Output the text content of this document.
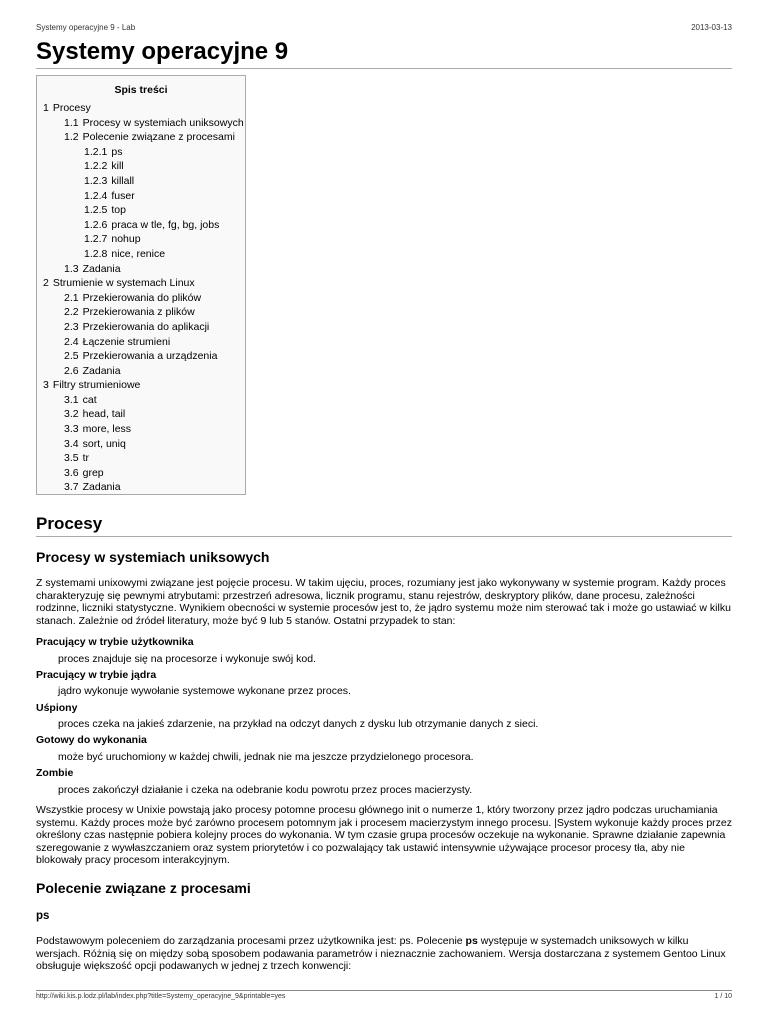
Systemy operacyjne 9 - Lab	2013-03-13
Systemy operacyjne 9
Spis treści
1 Procesy
1.1 Procesy w systemiach uniksowych
1.2 Polecenie związane z procesami
1.2.1 ps
1.2.2 kill
1.2.3 killall
1.2.4 fuser
1.2.5 top
1.2.6 praca w tle, fg, bg, jobs
1.2.7 nohup
1.2.8 nice, renice
1.3 Zadania
2 Strumienie w systemach Linux
2.1 Przekierowania do plików
2.2 Przekierowania z plików
2.3 Przekierowania do aplikacji
2.4 Łączenie strumieni
2.5 Przekierowania a urządzenia
2.6 Zadania
3 Filtry strumieniowe
3.1 cat
3.2 head, tail
3.3 more, less
3.4 sort, uniq
3.5 tr
3.6 grep
3.7 Zadania
Procesy
Procesy w systemiach uniksowych

Z systemami unixowymi związane jest pojęcie procesu. W takim ujęciu, proces, rozumiany jest jako wykonywany w systemie program. Każdy proces charakteryzuję się pewnymi atrybutami: przestrzeń adresowa, licznik programu, stanu rejestrów, deskryptory plików, dane procesu, zależności rodzinne, liczniki statystyczne. Wynikiem obecności w systemie procesów jest to, że jądro systemu może nim sterować tak i może go ustawiać w kilku stanach. Zależnie od źródeł literatury, może być 9 lub 5 stanów. Ostatni przypadek to stan:

Pracujący w trybie użytkownika
proces znajduje się na procesorze i wykonuje swój kod.
Pracujący w trybie jądra
jądro wykonuje wywołanie systemowe wykonane przez proces.
Uśpiony
proces czeka na jakieś zdarzenie, na przykład na odczyt danych z dysku lub otrzymanie danych z sieci.
Gotowy do wykonania
może być uruchomiony w każdej chwili, jednak nie ma jeszcze przydzielonego procesora.
Zombie
proces zakończył działanie i czeka na odebranie kodu powrotu przez proces macierzysty.

Wszystkie procesy w Unixie powstają jako procesy potomne procesu głównego init o numerze 1, który tworzony przez jądro podczas uruchamiania systemu. Każdy proces może być zarówno procesem potomnym jak i procesem macierzystym innego procesu. |System wykonuje każdy proces przez określony czas następnie pobiera kolejny proces do wykonania. W tym czasie grupa procesów oczekuje na wykonanie. Sprawne działanie zapewnia szeregowanie z wywłaszczaniem oraz system priorytetów i co pozwalający tak ustawić intensywnie używające procesor procesy tła, aby nie blokowały pracy procesom interakcyjnym.

Polecenie związane z procesami
ps

Podstawowym poleceniem do zarządzania procesami przez użytkownika jest: ps. Polecenie ps występuje w systemadch uniksowych w kilku wersjach. Różnią się on między sobą sposobem podawania parametrów i nieznacznie zachowaniem. Wersja dostarczana z systemem Gentoo Linux obsługuje większość opcji podawanych w jednej z trzech konwencji:

http://wiki.kis.p.lodz.pl/lab/index.php?title=Systemy_operacyjne_9&printable=yes	1 / 10
